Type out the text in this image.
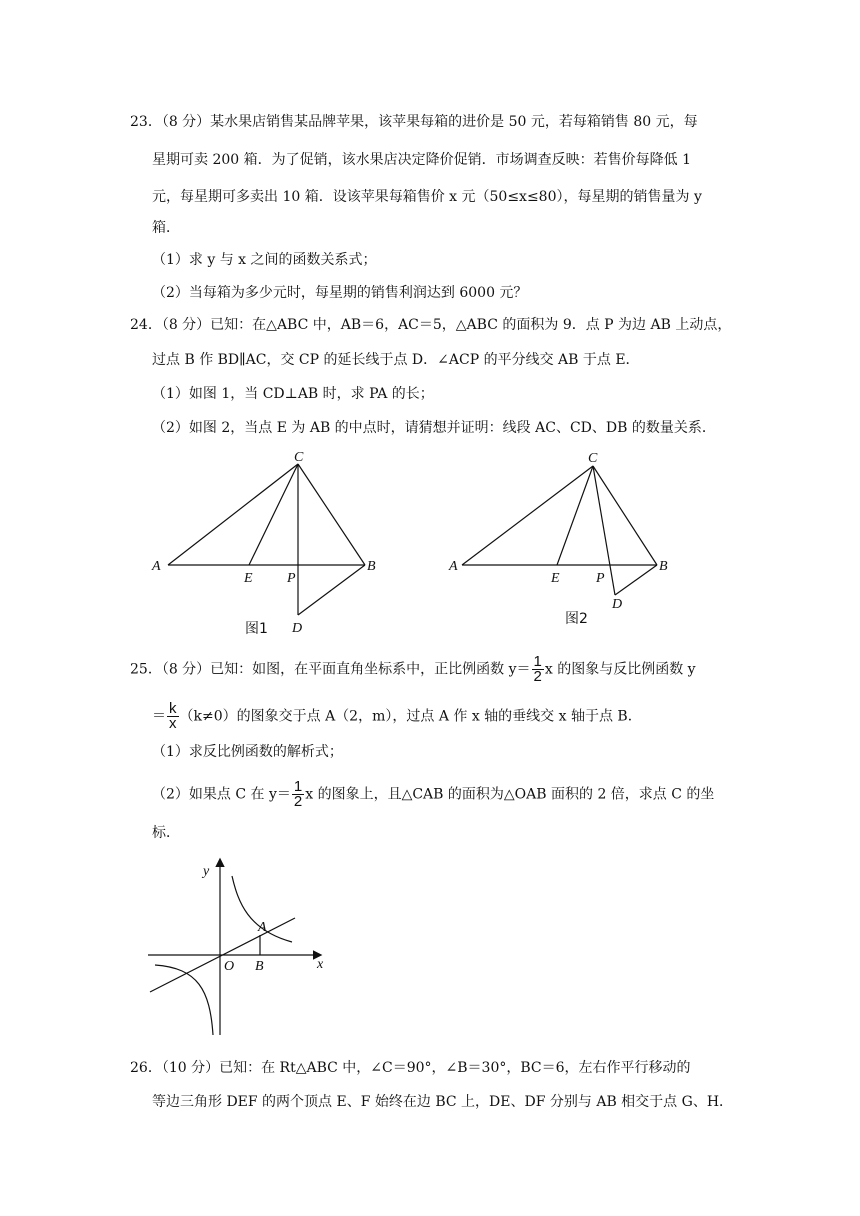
23．（8 分）某水果店销售某品牌苹果，该苹果每箱的进价是 50 元，若每箱销售 80 元，每
星期可卖 200 箱．为了促销，该水果店决定降价促销．市场调查反映：若售价每降低 1
元，每星期可多卖出 10 箱．设该苹果每箱售价 x 元（50≤x≤80），每星期的销售量为 y
箱．
（1）求 y 与 x 之间的函数关系式；
（2）当每箱为多少元时，每星期的销售利润达到 6000 元？
24．（8 分）已知：在△ABC 中，AB＝6，AC＝5，△ABC 的面积为 9．点 P 为边 AB 上动点，
过点 B 作 BD∥AC，交 CP 的延长线于点 D．∠ACP 的平分线交 AB 于点 E．
（1）如图 1，当 CD⊥AB 时，求 PA 的长；
（2）如图 2，当点 E 为 AB 的中点时，请猜想并证明：线段 AC、CD、DB 的数量关系．
C
A
E P
B
D
图1
C
A
E	P
B
D
图2
25．（8 分）已知：如图，在平面直角坐标系中，正比例函数 $y= \frac{1}{2}$ x 的图象与反比例函数 y
＝ $\frac{k}{x} (k\ne 0)$的图象交于点 A（2，m），过点 A 作 x 轴的垂线交 x 轴于点 B．
（1）求反比例函数的解析式；
（2）如果点 C 在 $y= \frac{1}{2}$ x 的图象上，且△CAB 的面积为△OAB 面积的 2 倍，求点 C 的坐
标．
y
x
O
A
B
26．（10 分）已知：在 Rt△ABC 中，∠C＝90°，∠B＝30°，BC＝6，左右作平行移动的
等边三角形 DEF 的两个顶点 E、F 始终在边 BC 上，DE、DF 分别与 AB 相交于点 G、H．
